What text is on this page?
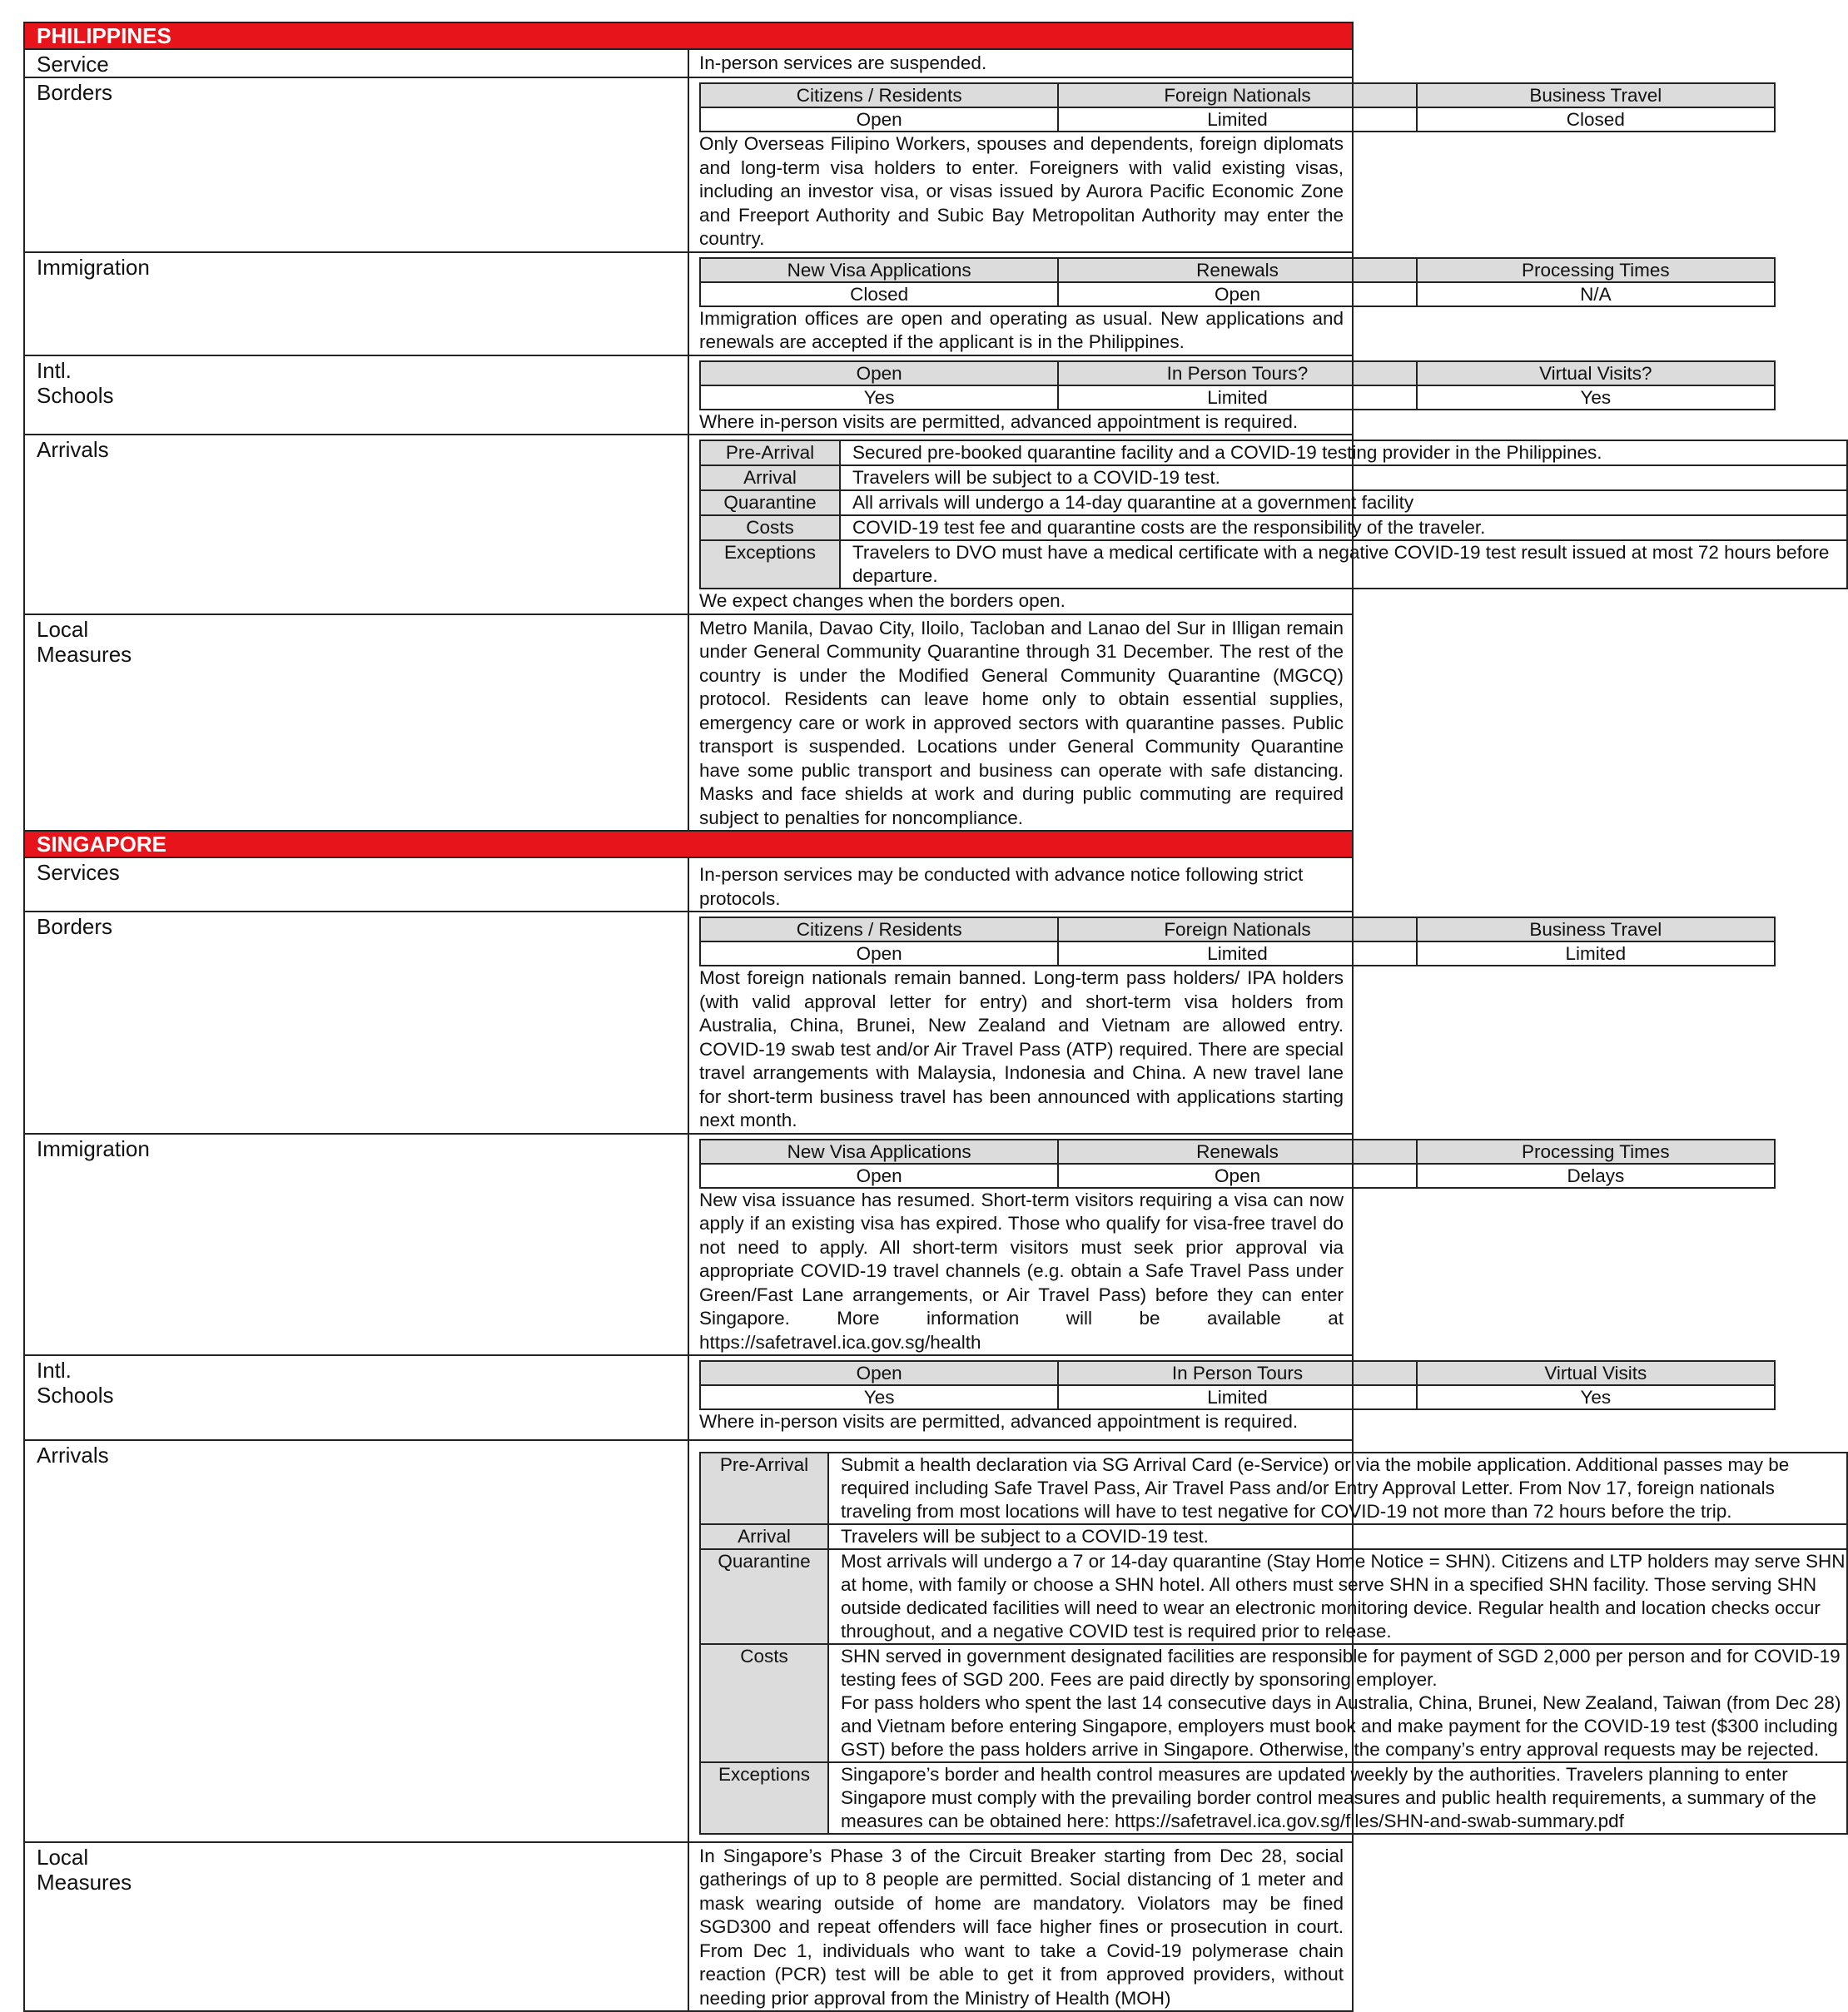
PHILIPPINES
Service	In-person services are suspended.
Borders		Citizens / Residents	Foreign Nationals	Business Travel
Open	Limited	Closed
Only Overseas Filipino Workers, spouses and dependents, foreign diplomats and long-term visa holders to enter. Foreigners with valid existing visas, including an investor visa, or visas issued by Aurora Pacific Economic Zone and Freeport Authority and Subic Bay Metropolitan Authority may enter the country.

Immigration		New Visa Applications	Renewals	Processing Times
Closed	Open	N/A
Immigration offices are open and operating as usual. New applications and renewals are accepted if the applicant is in the Philippines.

Intl.
Schools

Open	In Person Tours?	Virtual Visits?
Yes	Limited	Yes
Where in-person visits are permitted, advanced appointment is required.

Arrivals		Pre-Arrival	Secured pre-booked quarantine facility and a COVID-19 testing provider in the Philippines.
Arrival	Travelers will be subject to a COVID-19 test.
Quarantine	All arrivals will undergo a 14-day quarantine at a government facility
Costs	COVID-19 test fee and quarantine costs are the responsibility of the traveler.
Exceptions	Travelers to DVO must have a medical certificate with a negative COVID-19 test result issued at most 72 hours before departure.
We expect changes when the borders open.

Local
Measures
	Metro Manila, Davao City, Iloilo, Tacloban and Lanao del Sur in Illigan remain under General Community Quarantine through 31 December. The rest of the country is under the Modified General Community Quarantine (MGCQ) protocol. Residents can leave home only to obtain essential supplies, emergency care or work in approved sectors with quarantine passes. Public transport is suspended. Locations under General Community Quarantine have some public transport and business can operate with safe distancing. Masks and face shields at work and during public commuting are required subject to penalties for noncompliance.
SINGAPORE
Services	In-person services may be conducted with advance notice following strict protocols.
Borders		Citizens / Residents	Foreign Nationals	Business Travel
Open	Limited	Limited
Most foreign nationals remain banned. Long-term pass holders/ IPA holders (with valid approval letter for entry) and short-term visa holders from Australia, China, Brunei, New Zealand and Vietnam are allowed entry. COVID-19 swab test and/or Air Travel Pass (ATP) required. There are special travel arrangements with Malaysia, Indonesia and China. A new travel lane for short-term business travel has been announced with applications starting next month.

Immigration		New Visa Applications	Renewals	Processing Times
Open	Open	Delays
New visa issuance has resumed. Short-term visitors requiring a visa can now apply if an existing visa has expired. Those who qualify for visa-free travel do not need to apply. All short-term visitors must seek prior approval via appropriate COVID-19 travel channels (e.g. obtain a Safe Travel Pass under Green/Fast Lane arrangements, or Air Travel Pass) before they can enter Singapore. More information will be available at https://safetravel.ica.gov.sg/health

Intl.
Schools

Open	In Person Tours	Virtual Visits
Yes	Limited	Yes
Where in-person visits are permitted, advanced appointment is required.

Arrivals		Pre-Arrival	Submit a health declaration via SG Arrival Card (e-Service) or via the mobile application. Additional passes may be required including Safe Travel Pass, Air Travel Pass and/or Entry Approval Letter. From Nov 17, foreign nationals traveling from most locations will have to test negative for COVID-19 not more than 72 hours before the trip.
Arrival	Travelers will be subject to a COVID-19 test.
Quarantine	Most arrivals will undergo a 7 or 14-day quarantine (Stay Home Notice = SHN). Citizens and LTP holders may serve SHN at home, with family or choose a SHN hotel. All others must serve SHN in a specified SHN facility. Those serving SHN outside dedicated facilities will need to wear an electronic monitoring device. Regular health and location checks occur throughout, and a negative COVID test is required prior to release.
Costs	SHN served in government designated facilities are responsible for payment of SGD 2,000 per person and for COVID-19 testing fees of SGD 200. Fees are paid directly by sponsoring employer.
For pass holders who spent the last 14 consecutive days in Australia, China, Brunei, New Zealand, Taiwan (from Dec 28) and Vietnam before entering Singapore, employers must book and make payment for the COVID-19 test ($300 including GST) before the pass holders arrive in Singapore. Otherwise, the company’s entry approval requests may be rejected.

Exceptions	Singapore’s border and health control measures are updated weekly by the authorities. Travelers planning to enter Singapore must comply with the prevailing border control measures and public health requirements, a summary of the measures can be obtained here: https://safetravel.ica.gov.sg/files/SHN-and-swab-summary.pdf

Local
Measures
	In Singapore’s Phase 3 of the Circuit Breaker starting from Dec 28, social gatherings of up to 8 people are permitted. Social distancing of 1 meter and mask wearing outside of home are mandatory. Violators may be fined SGD300 and repeat offenders will face higher fines or prosecution in court. From Dec 1, individuals who want to take a Covid-19 polymerase chain reaction (PCR) test will be able to get it from approved providers, without needing prior approval from the Ministry of Health (MOH)
